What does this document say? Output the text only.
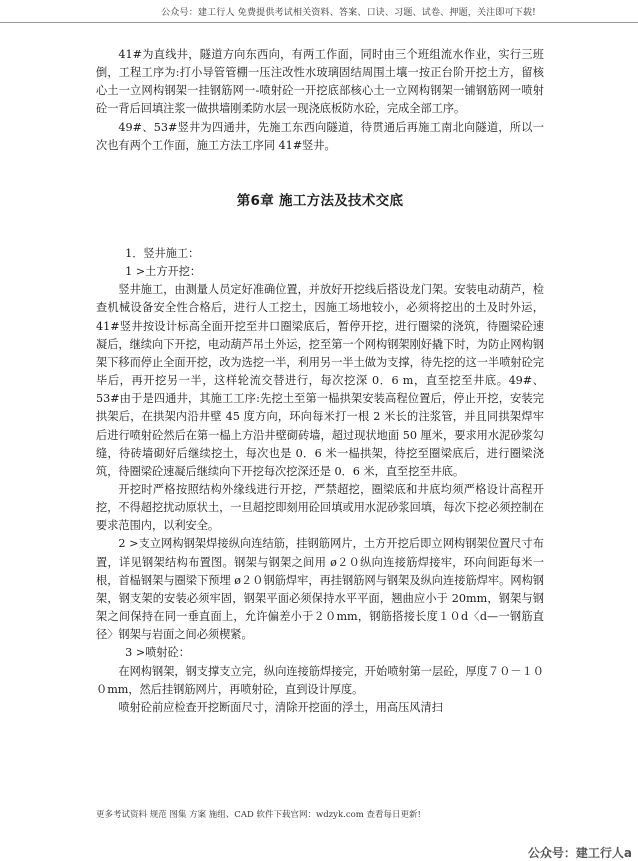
公众号：建工行人 免费提供考试相关资料、答案、口诀、习题、试卷、押题，关注即可下载!

41#为直线井，隧道方向东西向，有两工作面，同时由三个班组流水作业，实行三班倒，工程工序为:打小导管管棚一压注改性水玻璃固结周围土壤一按正台阶开挖土方，留核心土一立网构钢架一挂钢筋网一-喷射砼一开挖底部核心土一立网构钢架一铺钢筋网一喷射砼一背后回填注浆一做拱墙刚柔防水层一现浇底板防水砼，完成全部工序。

49#、53#竖井为四通井，先施工东西向隧道，待贯通后再施工南北向隧道，所以一次也有两个工作面，施工方法工序同 41#竖井。

第6章 施工方法及技术交底

1．竖井施工：

1 >土方开挖：

竖井施工，由测量人员定好准确位置，并放好开挖线后搭设龙门架。安装电动葫芦，检查机械设备安全性合格后，进行人工挖土，因施工场地较小，必须将挖出的土及时外运，41#竖井按设计标高全面开挖至井口圈梁底后，暂停开挖，进行圈梁的浇筑，待圈梁砼速凝后，继续向下开挖，电动葫芦吊土外运，挖至第一个网构钢架刚好撬下时，为防止网构钢架下移而停止全面开挖，改为选挖一半，利用另一半土做为支撑，待先挖的这一半喷射砼完毕后，再开挖另一半，这样轮流交替进行，每次挖深 0．6 m，直至挖至井底。49#、53#由于是四通井，其施工工序:先挖土至第一榀拱架安装高程位置后，停止开挖，安装完拱架后，在拱架内沿井壁 45 度方向，环向每米打一根 2 米长的注浆管，并且同拱架焊牢后进行喷射砼然后在第一榀上方沿井壁砌砖墙，超过现状地面 50 厘米，要求用水泥砂浆勾缝，待砖墙砌好后继续挖土，每次也是 0．6 米一榀拱架，待挖至圈梁底后，进行圈梁浇筑，待圈梁砼速凝后继续向下开挖每次挖深还是 0．6 米，直至挖至井底。

开挖时严格按照结构外缘线进行开挖，严禁超挖，圈梁底和井底均须严格设计高程开挖，不得超挖扰动原状土，一旦超挖即刻用砼回填或用水泥砂浆回填，每次下挖必须控制在要求范围内，以利安全。

2 >支立网构钢架焊接纵向连结筋，挂钢筋网片，土方开挖后即立网构钢架位置尺寸布置，详见钢架结构布置图。钢架与钢架之间用 ø２０纵向连接筋焊接牢，环向间距每米一根，首榀钢架与圈梁下预埋 ø２０钢筋焊牢，再挂钢筋网与钢架及纵向连接筋焊牢。网构钢架，钢支架的安装必须牢固，钢架平面必须保持水平平面，翘曲应小于 20mm，钢架与钢架之间保持在同一垂直面上，允许偏差小于２０mm，钢筋搭接长度１０d〈d—一钢筋直径〉钢架与岩面之间必须楔紧。

3 >喷射砼：

在网构钢架，钢支撑支立完，纵向连接筋焊接完，开始喷射第一层砼，厚度７０－１００mm，然后挂钢筋网片，再喷射砼，直到设计厚度。

喷射砼前应检查开挖断面尺寸，清除开挖面的浮土，用高压风清扫

更多考试资料 规范 图集 方案 施组、CAD 软件下载官网：wdzyk.com 查看每日更新!
公众号：建工行人a
